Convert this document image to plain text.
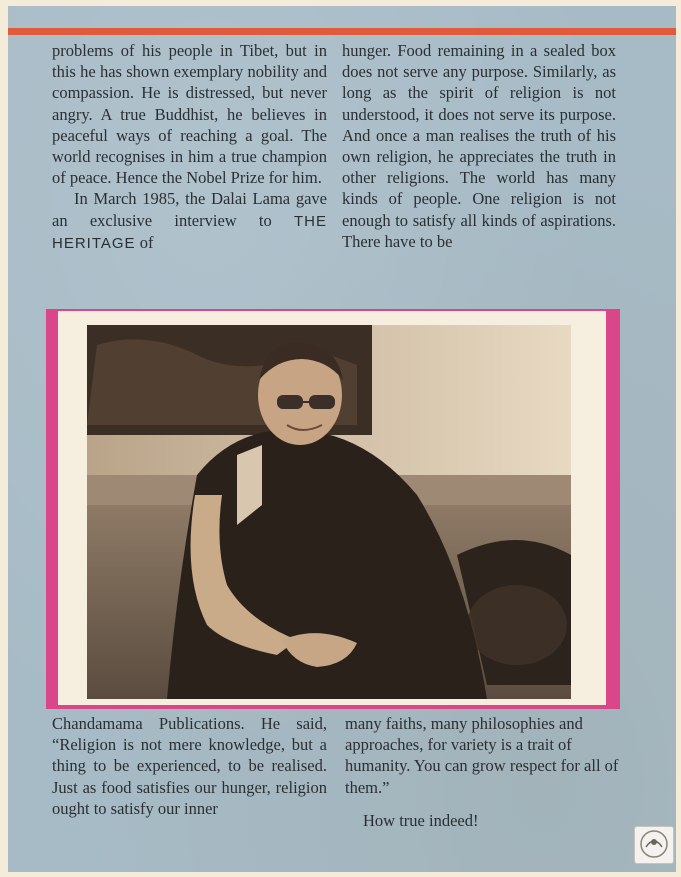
problems of his people in Tibet, but in this he has shown exemplary nobility and compassion. He is distressed, but never angry. A true Buddhist, he believes in peaceful ways of reaching a goal. The world recognises in him a true champion of peace. Hence the Nobel Prize for him.

In March 1985, the Dalai Lama gave an exclusive interview to THE HERITAGE of

hunger. Food remaining in a sealed box does not serve any purpose. Similarly, as long as the spirit of religion is not understood, it does not serve its purpose. And once a man realises the truth of his own religion, he appreciates the truth in other religions. The world has many kinds of people. One religion is not enough to satisfy all kinds of aspirations. There have to be

Chandamama Publications. He said, “Religion is not mere knowledge, but a thing to be experienced, to be realised. Just as food satisfies our hunger, religion ought to satisfy our inner

many faiths, many philosophies and approaches, for variety is a trait of humanity. You can grow respect for all of them.”

How true indeed!
